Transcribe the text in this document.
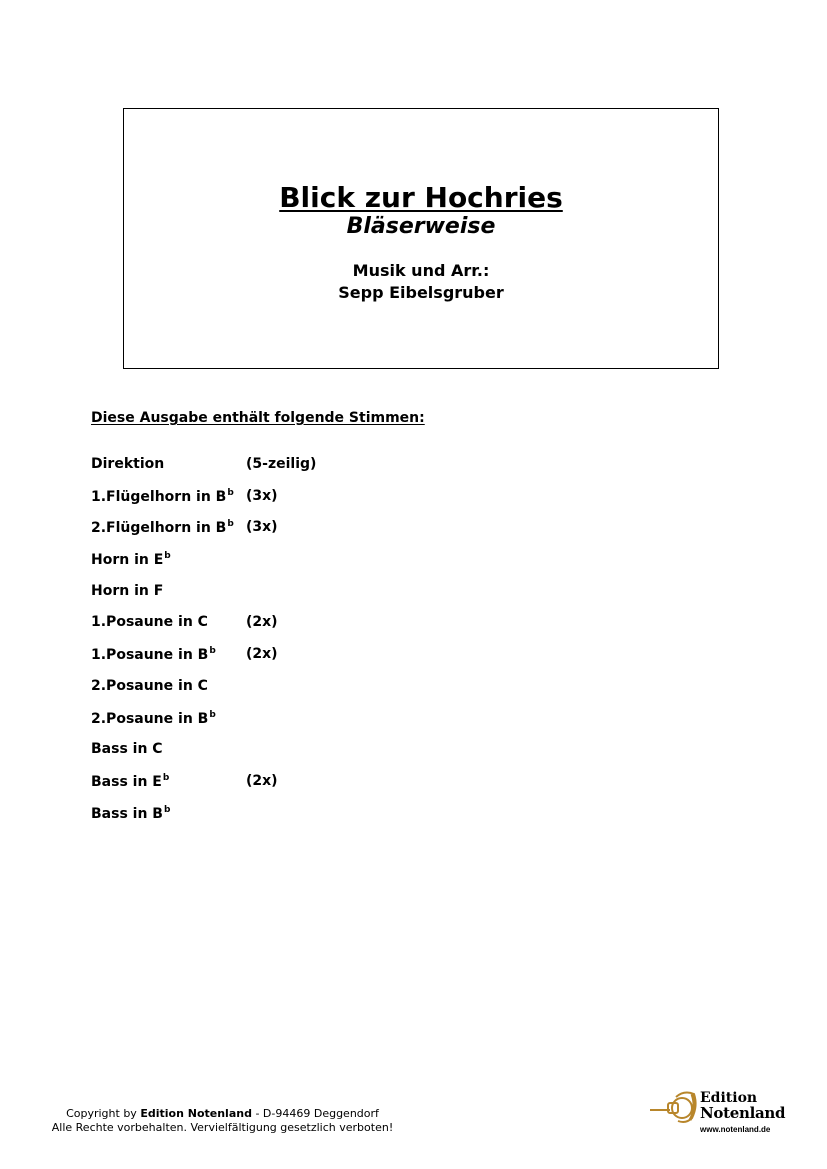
Blick zur Hochries
Bläserweise
Musik und Arr.:
Sepp Eibelsgruber
Diese Ausgabe enthält folgende Stimmen:
Direktion	(5-zeilig)
1.Flügelhorn in $B^b$ (3x)
2.Flügelhorn in $B^b$ (3x)
Horn in $E^b$
Horn in F
1.Posaune in C	(2x)
1.Posaune in $B^b$ (2x)
2.Posaune in C
2.Posaune in $B^b$
Bass in C
Bass in $E^b$	(2x)
Bass in $B^b$
Copyright by Edition Notenland - D-94469 Deggendorf
Alle Rechte vorbehalten. Vervielfältigung gesetzlich verboten!
Edition
Notenland
www.notenland.de
